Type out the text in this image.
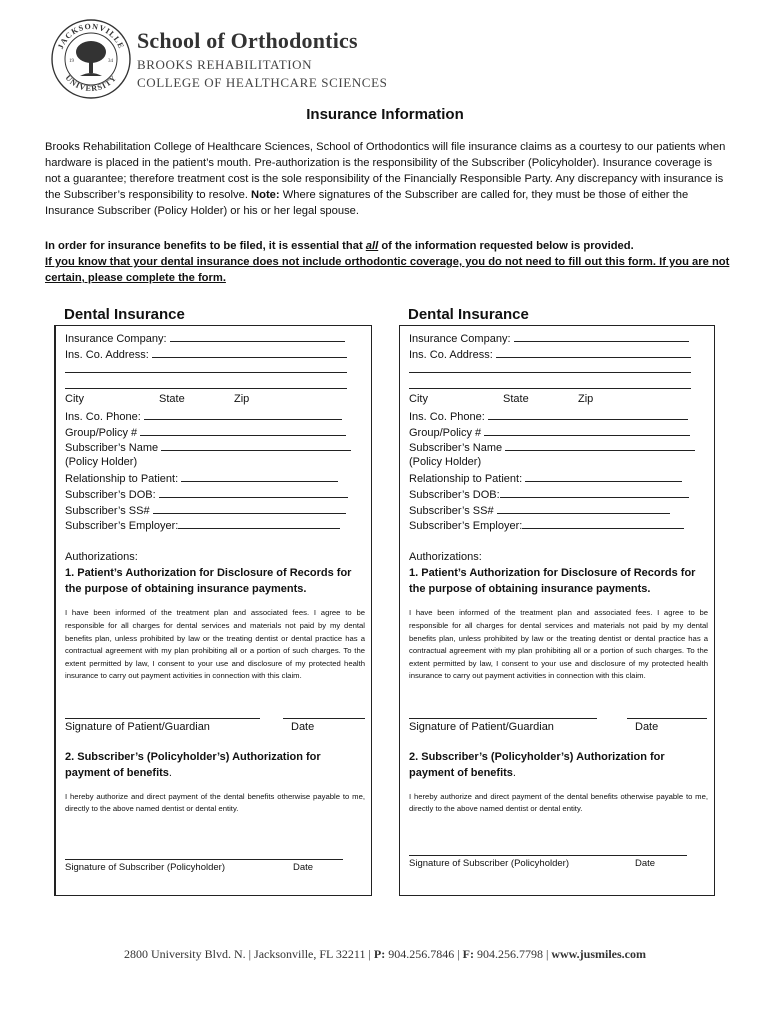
JACKSONVILLE
UNIVERSITY
19	34
School of Orthodontics
BROOKS REHABILITATION
COLLEGE OF HEALTHCARE SCIENCES
Insurance Information
Brooks Rehabilitation College of Healthcare Sciences, School of Orthodontics will file insurance claims as a courtesy to our patients when hardware is placed in the patient’s mouth. Pre-authorization is the responsibility of the Subscriber (Policyholder). Insurance coverage is not a guarantee; therefore treatment cost is the sole responsibility of the Financially Responsible Party. Any discrepancy with insurance is the Subscriber’s responsibility to resolve. Note: Where signatures of the Subscriber are called for, they must be those of either the Insurance Subscriber (Policy Holder) or his or her legal spouse.
In order for insurance benefits to be filed, it is essential that all of the information requested below is provided.
If you know that your dental insurance does not include orthodontic coverage, you do not need to fill out this form. If you are not certain, please complete the form.
Dental Insurance
Insurance Company:
Ins. Co. Address:
City	State	Zip
Ins. Co. Phone:
Group/Policy #
Subscriber’s Name
(Policy Holder)
Relationship to Patient:
Subscriber’s DOB:
Subscriber’s SS#
Subscriber’s Employer:
Authorizations:
1. Patient’s Authorization for Disclosure of Records for the purpose of obtaining insurance payments.
I have been informed of the treatment plan and associated fees. I agree to be responsible for all charges for dental services and materials not paid by my dental benefits plan, unless prohibited by law or the treating dentist or dental practice has a contractual agreement with my plan prohibiting all or a portion of such charges. To the extent permitted by law, I consent to your use and disclosure of my protected health insurance to carry out payment activities in connection with this claim.
Signature of Patient/Guardian	Date
2. Subscriber’s (Policyholder’s) Authorization for payment of benefits.
I hereby authorize and direct payment of the dental benefits otherwise payable to me, directly to the above named dentist or dental entity.
Signature of Subscriber (Policyholder)	Date
Dental Insurance
Insurance Company:
Ins. Co. Address:
City	State	Zip
Ins. Co. Phone:
Group/Policy #
Subscriber’s Name
(Policy Holder)
Relationship to Patient:
Subscriber’s DOB:
Subscriber’s SS#
Subscriber’s Employer:
Authorizations:
1. Patient’s Authorization for Disclosure of Records for the purpose of obtaining insurance payments.
I have been informed of the treatment plan and associated fees. I agree to be responsible for all charges for dental services and materials not paid by my dental benefits plan, unless prohibited by law or the treating dentist or dental practice has a contractual agreement with my plan prohibiting all or a portion of such charges. To the extent permitted by law, I consent to your use and disclosure of my protected health insurance to carry out payment activities in connection with this claim.
Signature of Patient/Guardian	Date
2. Subscriber’s (Policyholder’s) Authorization for payment of benefits.
I hereby authorize and direct payment of the dental benefits otherwise payable to me, directly to the above named dentist or dental entity.
Signature of Subscriber (Policyholder)	Date
2800 University Blvd. N. | Jacksonville, FL 32211 | P: 904.256.7846 | F: 904.256.7798 | www.jusmiles.com
